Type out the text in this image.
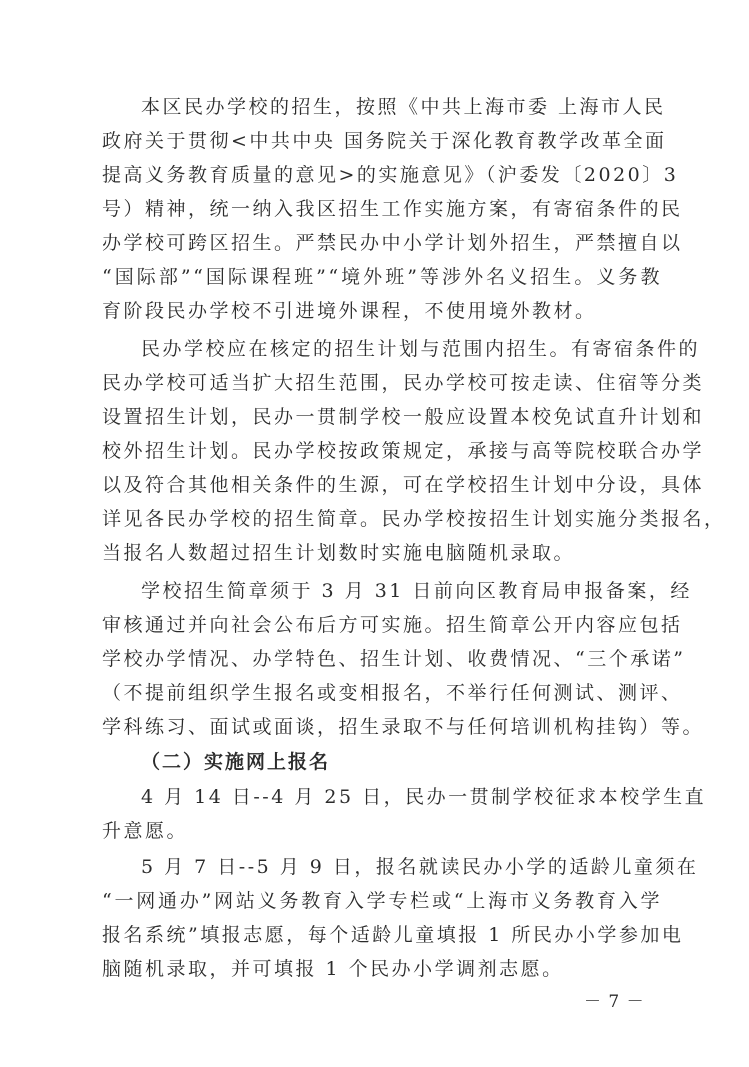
本区民办学校的招生，按照《中共上海市委 上海市人民
政府关于贯彻<中共中央 国务院关于深化教育教学改革全面
提高义务教育质量的意见>的实施意见》（沪委发〔2020〕3
号）精神，统一纳入我区招生工作实施方案，有寄宿条件的民
办学校可跨区招生。严禁民办中小学计划外招生，严禁擅自以
“国际部”“国际课程班”“境外班”等涉外名义招生。义务教
育阶段民办学校不引进境外课程，不使用境外教材。
民办学校应在核定的招生计划与范围内招生。有寄宿条件的
民办学校可适当扩大招生范围，民办学校可按走读、住宿等分类
设置招生计划，民办一贯制学校一般应设置本校免试直升计划和
校外招生计划。民办学校按政策规定，承接与高等院校联合办学
以及符合其他相关条件的生源，可在学校招生计划中分设，具体
详见各民办学校的招生简章。民办学校按招生计划实施分类报名，
当报名人数超过招生计划数时实施电脑随机录取。
学校招生简章须于 3 月 31 日前向区教育局申报备案，经
审核通过并向社会公布后方可实施。招生简章公开内容应包括
学校办学情况、办学特色、招生计划、收费情况、“三个承诺”
（不提前组织学生报名或变相报名，不举行任何测试、测评、
学科练习、面试或面谈，招生录取不与任何培训机构挂钩）等。
（二）实施网上报名
4 月 14 日--4 月 25 日，民办一贯制学校征求本校学生直
升意愿。
5 月 7 日--5 月 9 日，报名就读民办小学的适龄儿童须在
“一网通办”网站义务教育入学专栏或“上海市义务教育入学
报名系统”填报志愿，每个适龄儿童填报 1 所民办小学参加电
脑随机录取，并可填报 1 个民办小学调剂志愿。
－ 7 －
